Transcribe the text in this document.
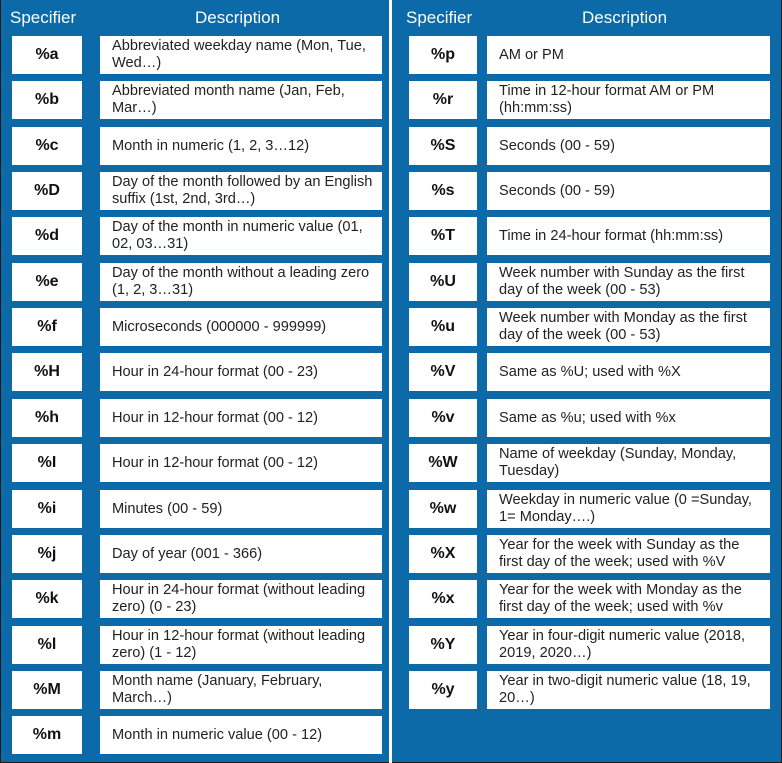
Specifier	Description
%a	Abbreviated weekday name (Mon, Tue, Wed…)
%b	Abbreviated month name (Jan, Feb, Mar…)
%c	Month in numeric (1, 2, 3…12)
%D	Day of the month followed by an English suffix (1st, 2nd, 3rd…)
%d	Day of the month in numeric value (01, 02, 03…31)
%e	Day of the month without a leading zero (1, 2, 3…31)
%f	Microseconds (000000 - 999999)
%H	Hour in 24-hour format (00 - 23)
%h	Hour in 12-hour format (00 - 12)
%I	Hour in 12-hour format (00 - 12)
%i	Minutes (00 - 59)
%j	Day of year (001 - 366)
%k	Hour in 24-hour format (without leading zero) (0 - 23)
%l	Hour in 12-hour format (without leading zero) (1 - 12)
%M	Month name (January, February, March…)
%m	Month in numeric value (00 - 12)
Specifier	Description
%p	AM or PM
%r	Time in 12-hour format AM or PM (hh:mm:ss)
%S	Seconds (00 - 59)
%s	Seconds (00 - 59)
%T	Time in 24-hour format (hh:mm:ss)
%U	Week number with Sunday as the first day of the week (00 - 53)
%u	Week number with Monday as the first day of the week (00 - 53)
%V	Same as %U; used with %X
%v	Same as %u; used with %x
%W	Name of weekday (Sunday, Monday, Tuesday)
%w	Weekday in numeric value (0 =Sunday, 1= Monday….)
%X	Year for the week with Sunday as the first day of the week; used with %V
%x	Year for the week with Monday as the first day of the week; used with %v
%Y	Year in four-digit numeric value (2018, 2019, 2020…)
%y	Year in two-digit numeric value (18, 19, 20…)
